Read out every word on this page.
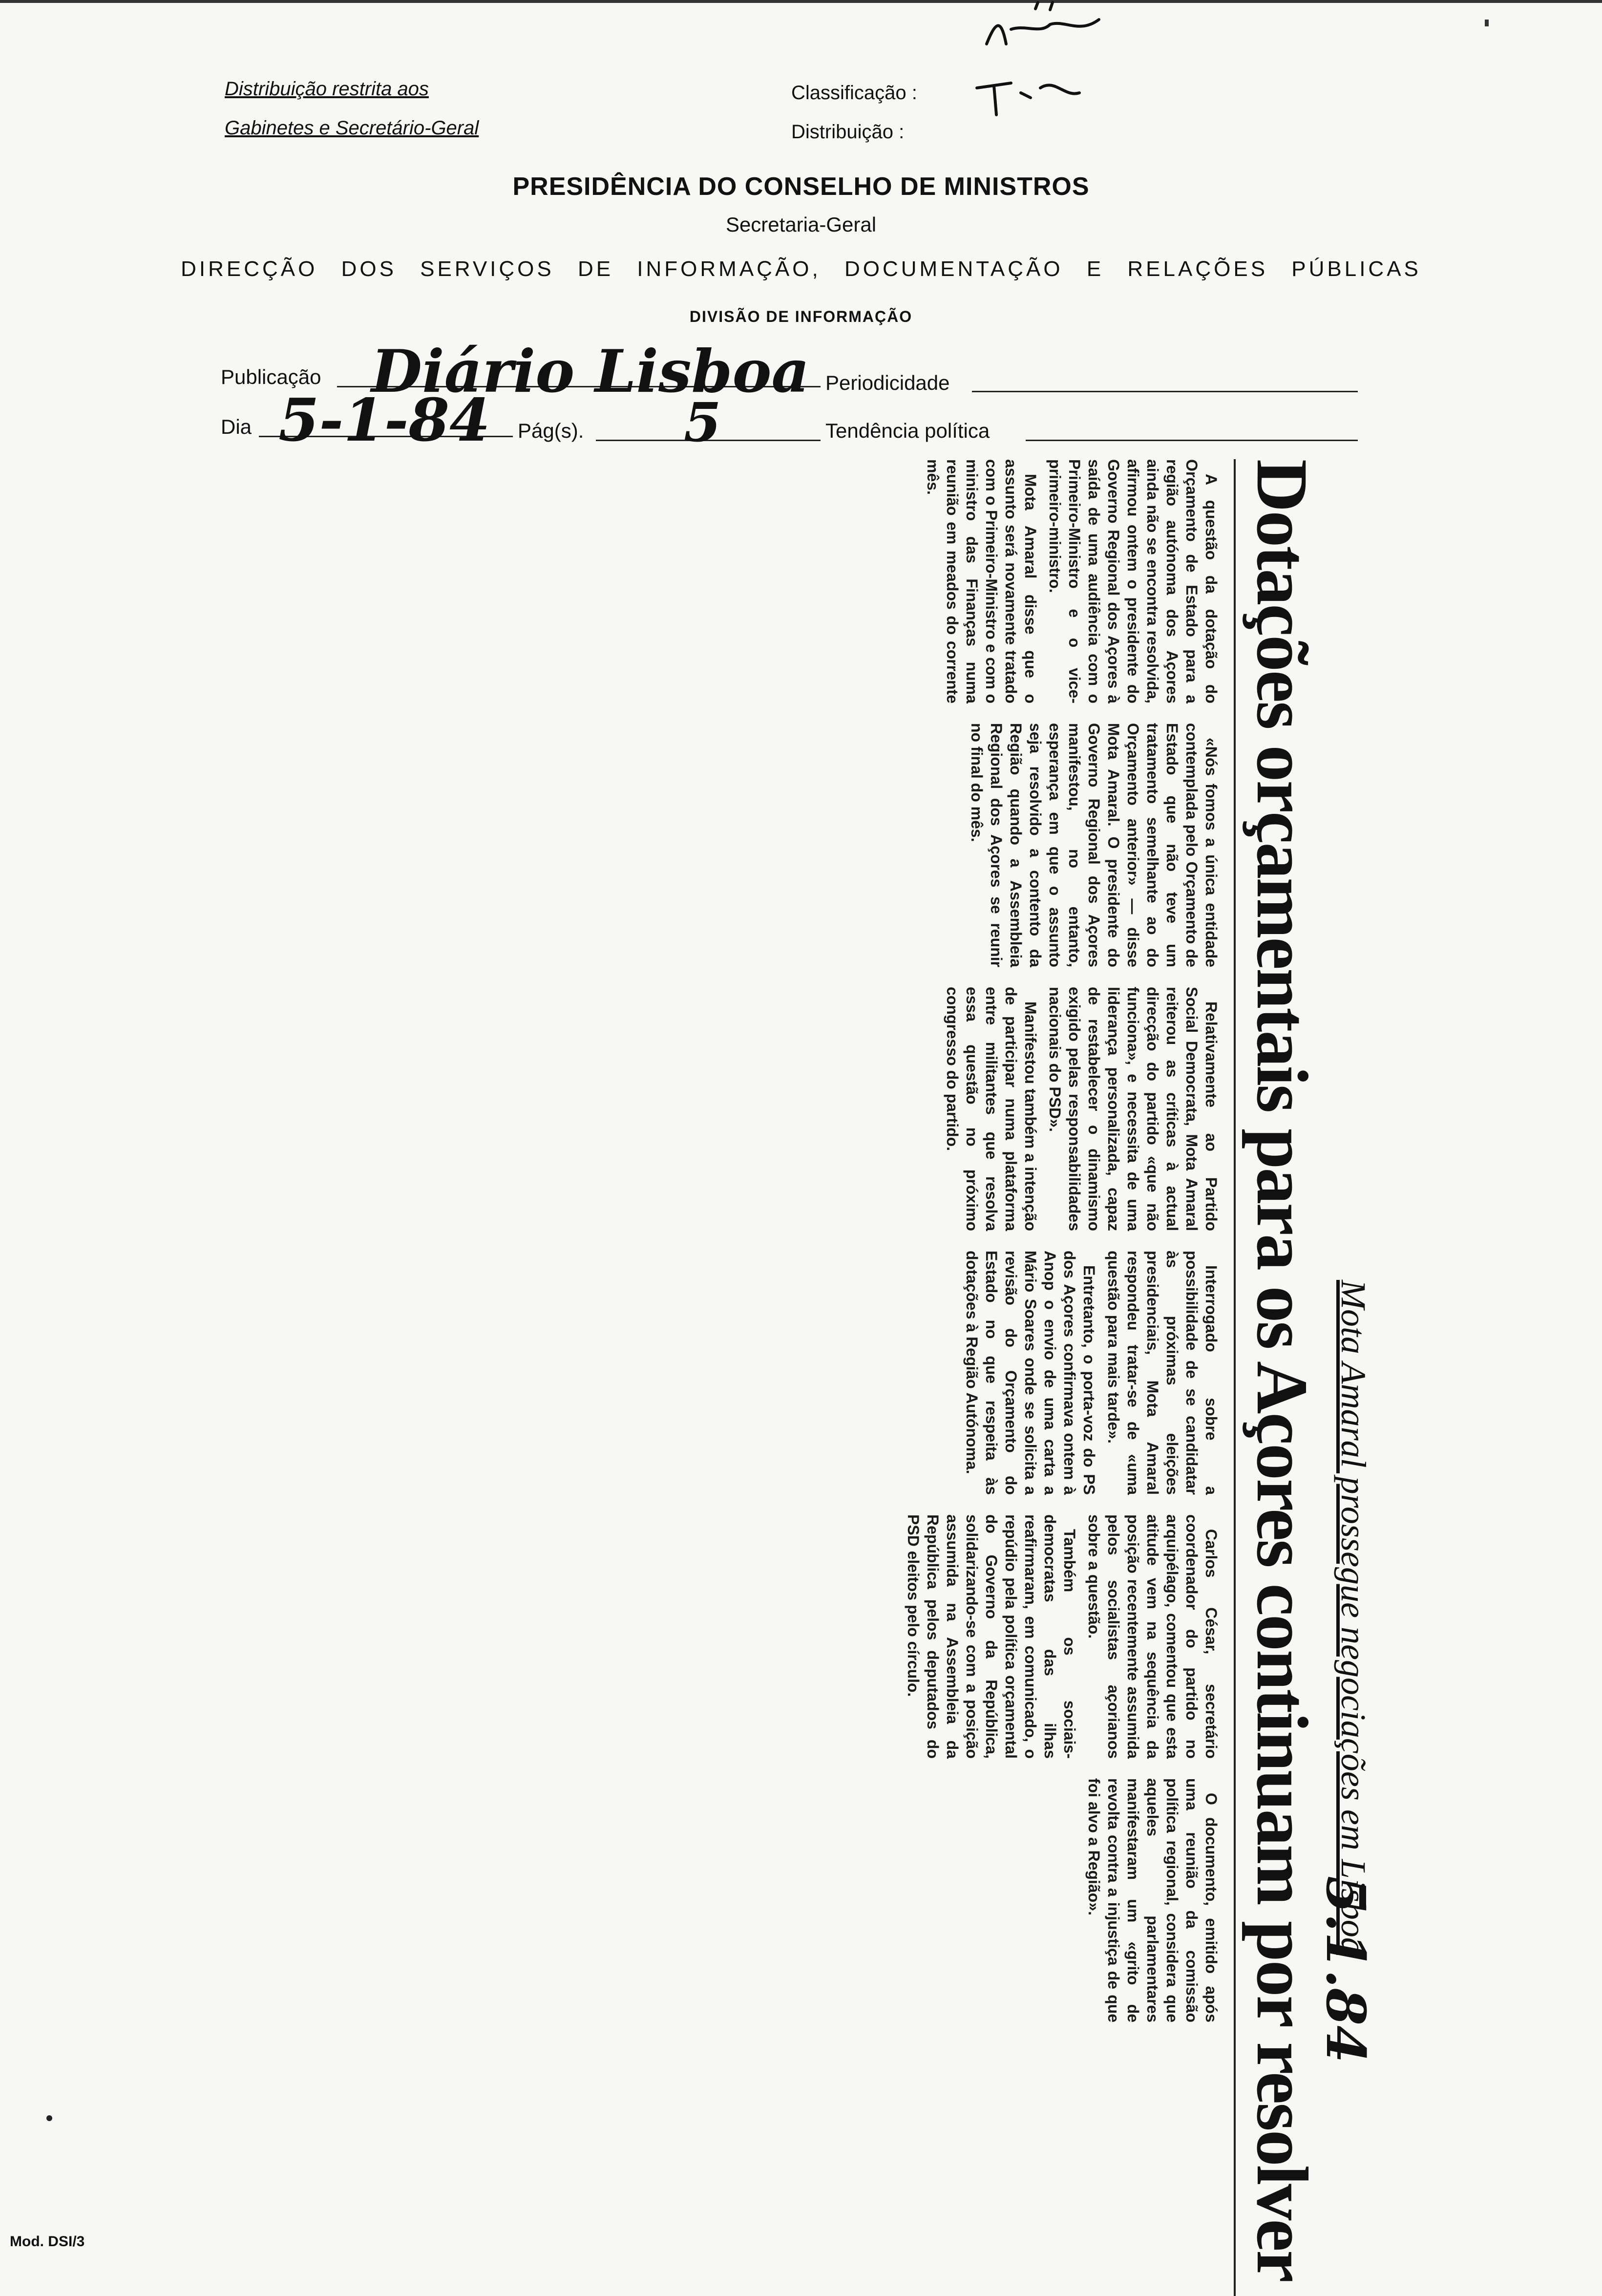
Distribuição restrita aos
Gabinetes e Secretário-Geral
Classificação :
Distribuição :
PRESIDÊNCIA DO CONSELHO DE MINISTROS
Secretaria-Geral
DIRECÇÃO DOS SERVIÇOS DE INFORMAÇÃO, DOCUMENTAÇÃO E RELAÇÕES PÚBLICAS
DIVISÃO DE INFORMAÇÃO
Publicação Diário Lisboa Periodicidade
Dia 5-1-84 Pág(s). 5	Tendência política
Mota Amaral prossegue negociações em Lisboa
Dotações orçamentais para os Açores continuam por resolver

A questão da dotação do Orçamento de Estado para a região autónoma dos Açores ainda não se encontra resolvida, afirmou ontem o presidente do Governo Regional dos Açores à saída de uma audiência com o Primeiro-Ministro e o vice-primeiro-ministro.

Mota Amaral disse que o assunto será novamente tratado com o Primeiro-Ministro e com o ministro das Finanças numa reunião em meados do corrente mês.

«Nós fomos a única entidade contemplada pelo Orçamento de Estado que não teve um tratamento semelhante ao do Orçamento anterior» — disse Mota Amaral. O presidente do Governo Regional dos Açores manifestou, no entanto, esperança em que o assunto seja resolvido a contento da Região quando a Assembleia Regional dos Açores se reunir no final do mês.

Relativamente ao Partido Social Democrata, Mota Amaral reiterou as críticas à actual direcção do partido «que não funciona», e necessita de uma liderança personalizada, capaz de restabelecer o dinamismo exigido pelas responsabilidades nacionais do PSD».

Manifestou também a intenção de participar numa plataforma entre militantes que resolva essa questão no próximo congresso do partido.

Interrogado sobre a possibilidade de se candidatar às próximas eleições presidenciais, Mota Amaral respondeu tratar-se de «uma questão para mais tarde».

Entretanto, o porta-voz do PS dos Açores confirmava ontem à Anop o envio de uma carta a Mário Soares onde se solicita a revisão do Orçamento do Estado no que respeita às dotações à Região Autónoma.

Carlos César, secretário coordenador do partido no arquipélago, comentou que esta atitude vem na sequência da posição recentemente assumida pelos socialistas açorianos sobre a questão.

Também os sociais-democratas das ilhas reafirmaram, em comunicado, o repúdio pela política orçamental do Governo da República, solidarizando-se com a posição assumida na Assembleia da República pelos deputados do PSD eleitos pelo círculo.

O documento, emitido após uma reunião da comissão política regional, considera que aqueles parlamentares manifestaram um «grito de revolta contra a injustiça de que foi alvo a Região».

5.1.84
Mod. DSI/3
